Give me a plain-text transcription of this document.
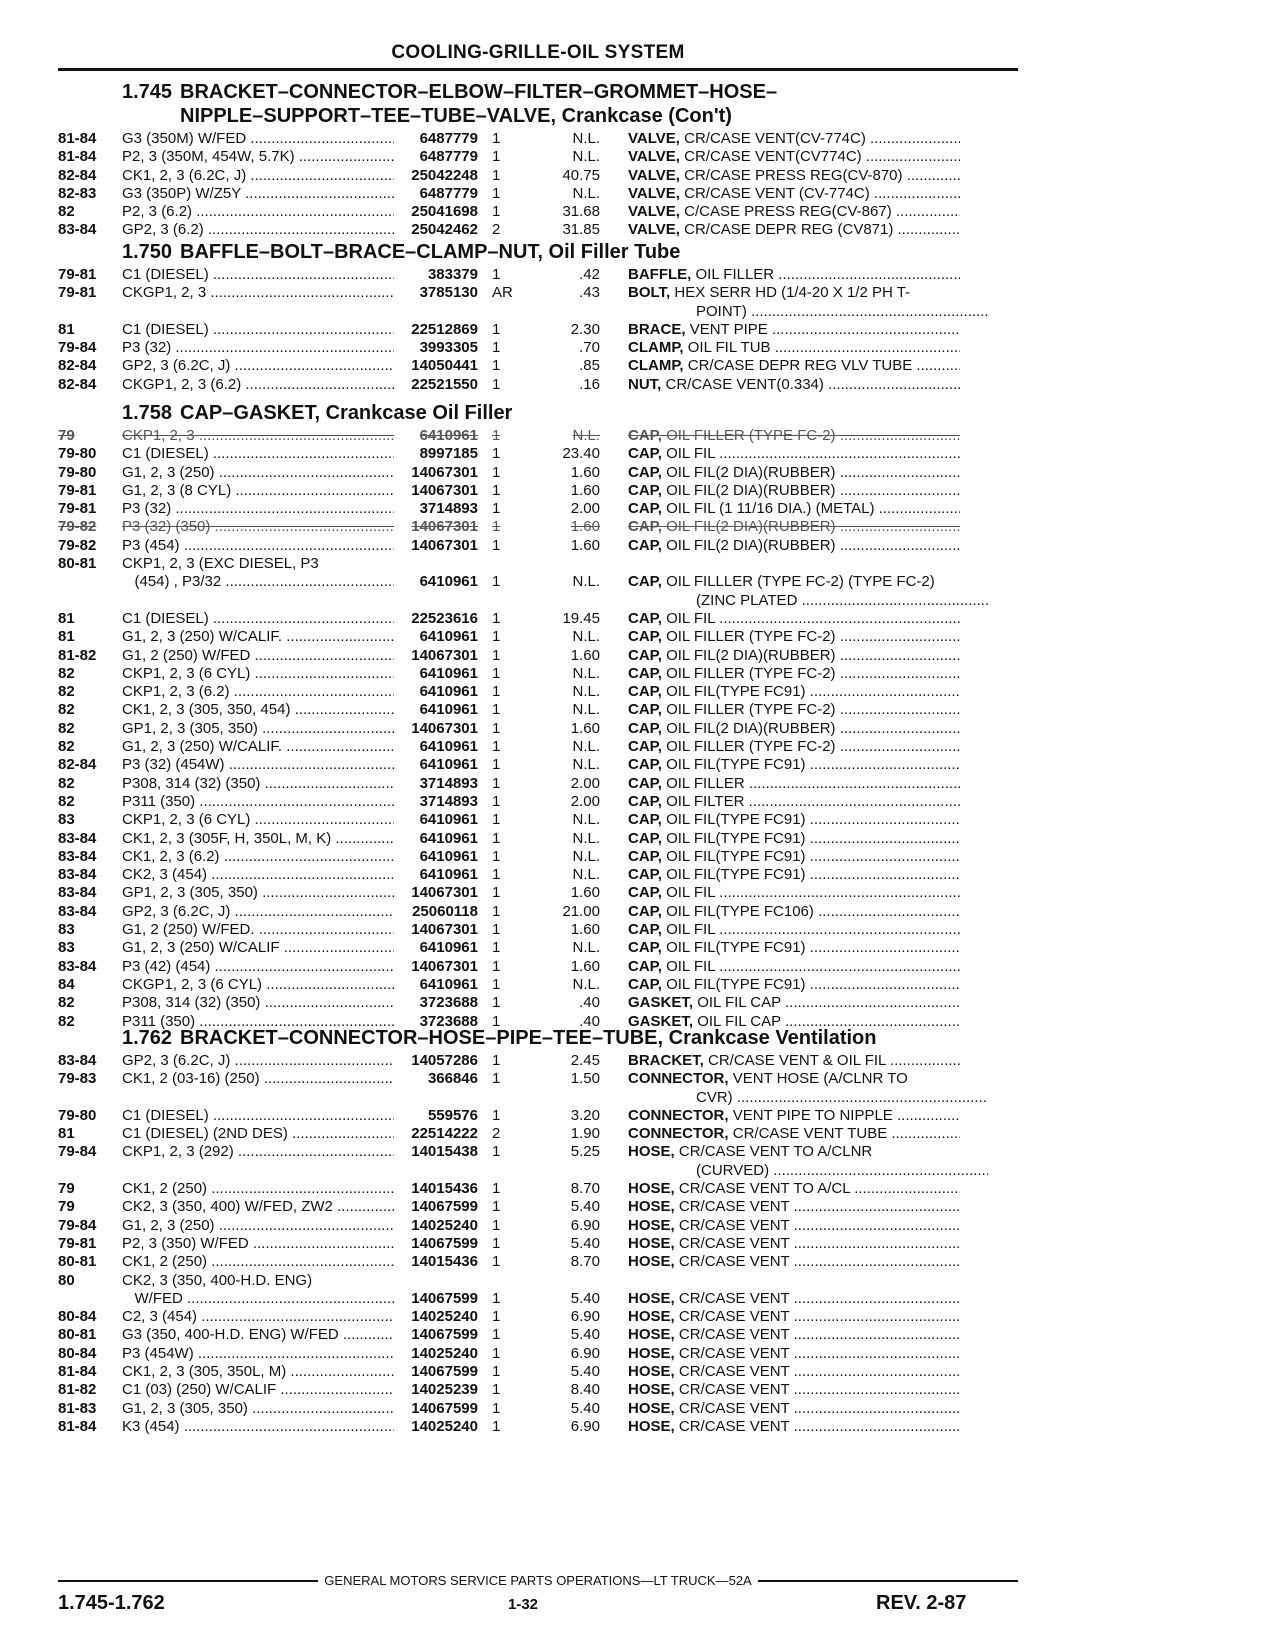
COOLING-GRILLE-OIL SYSTEM
1.745 BRACKET–CONNECTOR–ELBOW–FILTER–GROMMET–HOSE–
NIPPLE–SUPPORT–TEE–TUBE–VALVE, Crankcase (Con't)
81-84	G3 (350M) W/FED .....	6487779 1	N.L.	VALVE, CR/CASE VENT(CV-774C) .....
81-84	P2, 3 (350M, 454W, 5.7K) .....	6487779 1	N.L.	VALVE, CR/CASE VENT(CV774C) .....
82-84	CK1, 2, 3 (6.2C, J) .....	25042248 1	40.75	VALVE, CR/CASE PRESS REG(CV-870) .....
82-83	G3 (350P) W/Z5Y .....	6487779 1	N.L.	VALVE, CR/CASE VENT (CV-774C) .....
82	P2, 3 (6.2) .....	25041698 1	31.68	VALVE, C/CASE PRESS REG(CV-867) .....
83-84	GP2, 3 (6.2) .....	25042462 2	31.85	VALVE, CR/CASE DEPR REG (CV871) .....
1.750 BAFFLE–BOLT–BRACE–CLAMP–NUT, Oil Filler Tube
79-81	C1 (DIESEL) .....	383379 1	.42	BAFFLE, OIL FILLER .....
79-81	CKGP1, 2, 3 .....	3785130 AR	.43	BOLT, HEX SERR HD (1/4-20 X 1/2 PH T-
POINT) .....
81	C1 (DIESEL) .....	22512869 1	2.30	BRACE, VENT PIPE .....
79-84	P3 (32) .....	3993305 1	.70	CLAMP, OIL FIL TUB .....
82-84	GP2, 3 (6.2C, J) .....	14050441 1	.85	CLAMP, CR/CASE DEPR REG VLV TUBE .....
82-84	CKGP1, 2, 3 (6.2) .....	22521550 1	.16	NUT, CR/CASE VENT(0.334) .....
1.758 CAP–GASKET, Crankcase Oil Filler
79	CKP1, 2, 3 .....	6410961 1	N.L.	CAP, OIL FILLER (TYPE FC-2) .....
79-80	C1 (DIESEL) .....	8997185 1	23.40	CAP, OIL FIL .....
79-80	G1, 2, 3 (250) .....	14067301 1	1.60	CAP, OIL FIL(2 DIA)(RUBBER) .....
79-81	G1, 2, 3 (8 CYL) .....	14067301 1	1.60	CAP, OIL FIL(2 DIA)(RUBBER) .....
79-81	P3 (32) .....	3714893 1	2.00	CAP, OIL FIL (1 11/16 DIA.) (METAL) .....
79-82	P3 (32) (350) .....	14067301 1	1.60	CAP, OIL FIL(2 DIA)(RUBBER) .....
79-82	P3 (454) .....	14067301 1	1.60	CAP, OIL FIL(2 DIA)(RUBBER) .....
80-81	CKP1, 2, 3 (EXC DIESEL, P3
(454) , P3/32 .....	6410961 1	N.L.	CAP, OIL FILLLER (TYPE FC-2) (TYPE FC-2)
(ZINC PLATED .....
81	C1 (DIESEL) .....	22523616 1	19.45	CAP, OIL FIL .....
81	G1, 2, 3 (250) W/CALIF. .....	6410961 1	N.L.	CAP, OIL FILLER (TYPE FC-2) .....
81-82	G1, 2 (250) W/FED .....	14067301 1	1.60	CAP, OIL FIL(2 DIA)(RUBBER) .....
82	CKP1, 2, 3 (6 CYL) .....	6410961 1	N.L.	CAP, OIL FILLER (TYPE FC-2) .....
82	CKP1, 2, 3 (6.2) .....	6410961 1	N.L.	CAP, OIL FIL(TYPE FC91) .....
82	CK1, 2, 3 (305, 350, 454) .....	6410961 1	N.L.	CAP, OIL FILLER (TYPE FC-2) .....
82	GP1, 2, 3 (305, 350) .....	14067301 1	1.60	CAP, OIL FIL(2 DIA)(RUBBER) .....
82	G1, 2, 3 (250) W/CALIF. .....	6410961 1	N.L.	CAP, OIL FILLER (TYPE FC-2) .....
82-84	P3 (32) (454W) .....	6410961 1	N.L.	CAP, OIL FIL(TYPE FC91) .....
82	P308, 314 (32) (350) .....	3714893 1	2.00	CAP, OIL FILLER .....
82	P311 (350) .....	3714893 1	2.00	CAP, OIL FILTER .....
83	CKP1, 2, 3 (6 CYL) .....	6410961 1	N.L.	CAP, OIL FIL(TYPE FC91) .....
83-84	CK1, 2, 3 (305F, H, 350L, M, K) .....	6410961 1	N.L.	CAP, OIL FIL(TYPE FC91) .....
83-84	CK1, 2, 3 (6.2) .....	6410961 1	N.L.	CAP, OIL FIL(TYPE FC91) .....
83-84	CK2, 3 (454) .....	6410961 1	N.L.	CAP, OIL FIL(TYPE FC91) .....
83-84	GP1, 2, 3 (305, 350) .....	14067301 1	1.60	CAP, OIL FIL .....
83-84	GP2, 3 (6.2C, J) .....	25060118 1	21.00	CAP, OIL FIL(TYPE FC106) .....
83	G1, 2 (250) W/FED. .....	14067301 1	1.60	CAP, OIL FIL .....
83	G1, 2, 3 (250) W/CALIF .....	6410961 1	N.L.	CAP, OIL FIL(TYPE FC91) .....
83-84	P3 (42) (454) .....	14067301 1	1.60	CAP, OIL FIL .....
84	CKGP1, 2, 3 (6 CYL) .....	6410961 1	N.L.	CAP, OIL FIL(TYPE FC91) .....
82	P308, 314 (32) (350) .....	3723688 1	.40	GASKET, OIL FIL CAP .....
82	P311 (350) .....	3723688 1	.40	GASKET, OIL FIL CAP .....
1.762 BRACKET–CONNECTOR–HOSE–PIPE–TEE–TUBE, Crankcase Ventilation
83-84	GP2, 3 (6.2C, J) .....	14057286 1	2.45	BRACKET, CR/CASE VENT & OIL FIL .....
79-83	CK1, 2 (03-16) (250) .....	366846 1	1.50	CONNECTOR, VENT HOSE (A/CLNR TO
CVR) .....
79-80	C1 (DIESEL) .....	559576 1	3.20	CONNECTOR, VENT PIPE TO NIPPLE .....
81	C1 (DIESEL) (2ND DES) .....	22514222 2	1.90	CONNECTOR, CR/CASE VENT TUBE .....
79-84	CKP1, 2, 3 (292) .....	14015438 1	5.25	HOSE, CR/CASE VENT TO A/CLNR
(CURVED) .....
79	CK1, 2 (250) .....	14015436 1	8.70	HOSE, CR/CASE VENT TO A/CL .....
79	CK2, 3 (350, 400) W/FED, ZW2 .....	14067599 1	5.40	HOSE, CR/CASE VENT .....
79-84	G1, 2, 3 (250) .....	14025240 1	6.90	HOSE, CR/CASE VENT .....
79-81	P2, 3 (350) W/FED .....	14067599 1	5.40	HOSE, CR/CASE VENT .....
80-81	CK1, 2 (250) .....	14015436 1	8.70	HOSE, CR/CASE VENT .....
80	CK2, 3 (350, 400-H.D. ENG)
W/FED .....	14067599 1	5.40	HOSE, CR/CASE VENT .....
80-84	C2, 3 (454) .....	14025240 1	6.90	HOSE, CR/CASE VENT .....
80-81	G3 (350, 400-H.D. ENG) W/FED .....	14067599 1	5.40	HOSE, CR/CASE VENT .....
80-84	P3 (454W) .....	14025240 1	6.90	HOSE, CR/CASE VENT .....
81-84	CK1, 2, 3 (305, 350L, M) .....	14067599 1	5.40	HOSE, CR/CASE VENT .....
81-82	C1 (03) (250) W/CALIF .....	14025239 1	8.40	HOSE, CR/CASE VENT .....
81-83	G1, 2, 3 (305, 350) .....	14067599 1	5.40	HOSE, CR/CASE VENT .....
81-84	K3 (454) .....	14025240 1	6.90	HOSE, CR/CASE VENT .....
GENERAL MOTORS SERVICE PARTS OPERATIONS—LT TRUCK—52A
1.745-1.762	1-32	REV. 2-87
